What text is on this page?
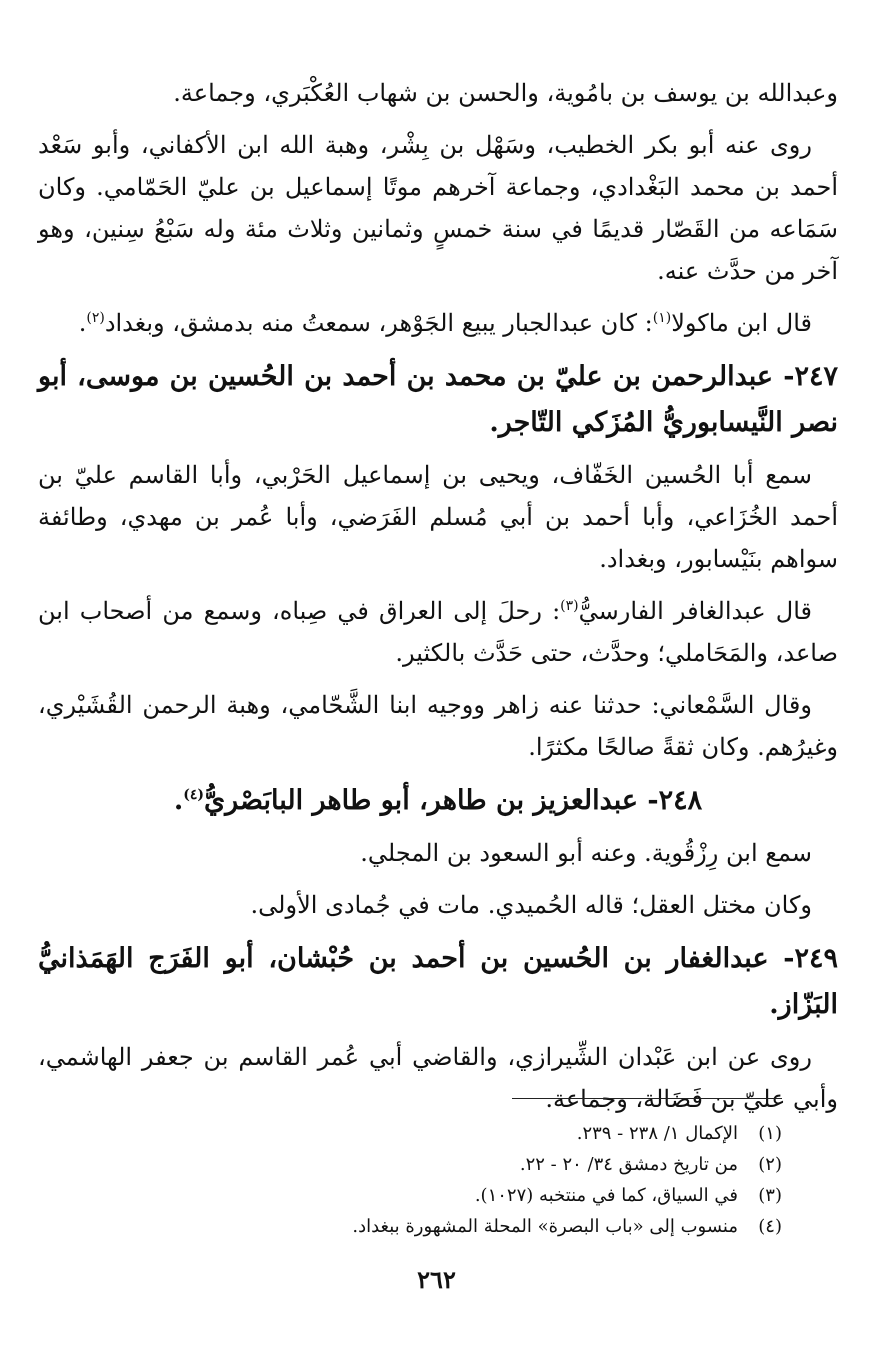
وعبدالله بن يوسف بن بامُوية، والحسن بن شهاب العُكْبَري، وجماعة.

روى عنه أبو بكر الخطيب، وسَهْل بن بِشْر، وهبة الله ابن الأكفاني، وأبو سَعْد أحمد بن محمد البَغْدادي، وجماعة آخرهم موتًا إسماعيل بن عليّ الحَمّامي. وكان سَمَاعه من القَصّار قديمًا في سنة خمسٍ وثمانين وثلاث مئة وله سَبْعُ سِنين، وهو آخر من حدَّث عنه.

قال ابن ماكولا$^{(١)}$: كان عبدالجبار يبيع الجَوْهر، سمعتُ منه بدمشق، وبغداد$^{(٢)}$.

٢٤٧- عبدالرحمن بن عليّ بن محمد بن أحمد بن الحُسين بن موسى، أبو نصر النَّيسابوريُّ المُزَكي التّاجر.

سمع أبا الحُسين الخَفّاف، ويحيى بن إسماعيل الحَرْبي، وأبا القاسم عليّ بن أحمد الخُزَاعي، وأبا أحمد بن أبي مُسلم الفَرَضي، وأبا عُمر بن مهدي، وطائفة سواهم بنَيْسابور، وبغداد.

قال عبدالغافر الفارسيُّ$^{(٣)}$: رحلَ إلى العراق في صِباه، وسمع من أصحاب ابن صاعد، والمَحَاملي؛ وحدَّث، حتى حَدَّث بالكثير.

وقال السَّمْعاني: حدثنا عنه زاهر ووجيه ابنا الشَّحّامي، وهبة الرحمن القُشَيْري، وغيرُهم. وكان ثقةً صالحًا مكثرًا.

٢٤٨- عبدالعزيز بن طاهر، أبو طاهر البابَصْريُّ$^{(٤)}$.

سمع ابن رِزْقُوية. وعنه أبو السعود بن المجلي.

وكان مختل العقل؛ قاله الحُميدي. مات في جُمادى الأولى.

٢٤٩- عبدالغفار بن الحُسين بن أحمد بن حُبْشان، أبو الفَرَج الهَمَذانيُّ البَزّاز.

روى عن ابن عَبْدان الشِّيرازي، والقاضي أبي عُمر القاسم بن جعفر الهاشمي، وأبي عليّ بن فَضَالة، وجماعة.

(١)الإكمال ١/ ٢٣٨ - ٢٣٩.
(٢)من تاريخ دمشق ٣٤/ ٢٠ - ٢٢.
(٣)في السياق، كما في منتخبه (١٠٢٧).
(٤)منسوب إلى «باب البصرة» المحلة المشهورة ببغداد.
٢٦٢
